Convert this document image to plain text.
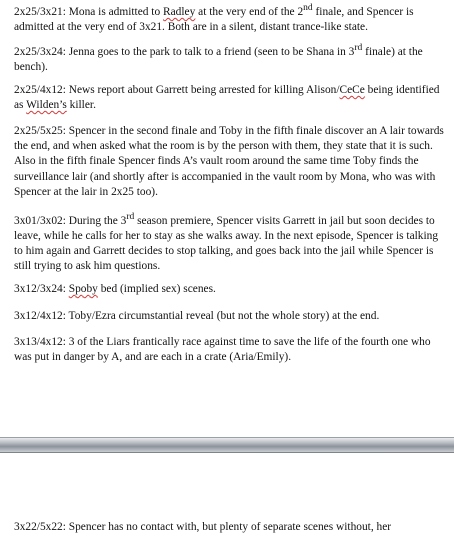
2x25/3x21: Mona is admitted to Radley at the very end of the 2nd finale, and Spencer is admitted at the very end of 3x21. Both are in a silent, distant trance-like state.

2x25/3x24: Jenna goes to the park to talk to a friend (seen to be Shana in 3rd finale) at the bench).

2x25/4x12: News report about Garrett being arrested for killing Alison/CeCe being identified as Wilden’s killer.

2x25/5x25: Spencer in the second finale and Toby in the fifth finale discover an A lair towards the end, and when asked what the room is by the person with them, they state that it is such. Also in the fifth finale Spencer finds A’s vault room around the same time Toby finds the surveillance lair (and shortly after is accompanied in the vault room by Mona, who was with Spencer at the lair in 2x25 too).

3x01/3x02: During the 3rd season premiere, Spencer visits Garrett in jail but soon decides to leave, while he calls for her to stay as she walks away. In the next episode, Spencer is talking to him again and Garrett decides to stop talking, and goes back into the jail while Spencer is still trying to ask him questions.

3x12/3x24: Spoby bed (implied sex) scenes.

3x12/4x12: Toby/Ezra circumstantial reveal (but not the whole story) at the end.

3x13/4x12: 3 of the Liars frantically race against time to save the life of the fourth one who was put in danger by A, and are each in a crate (Aria/Emily).

3x22/5x22: Spencer has no contact with, but plenty of separate scenes without, her
